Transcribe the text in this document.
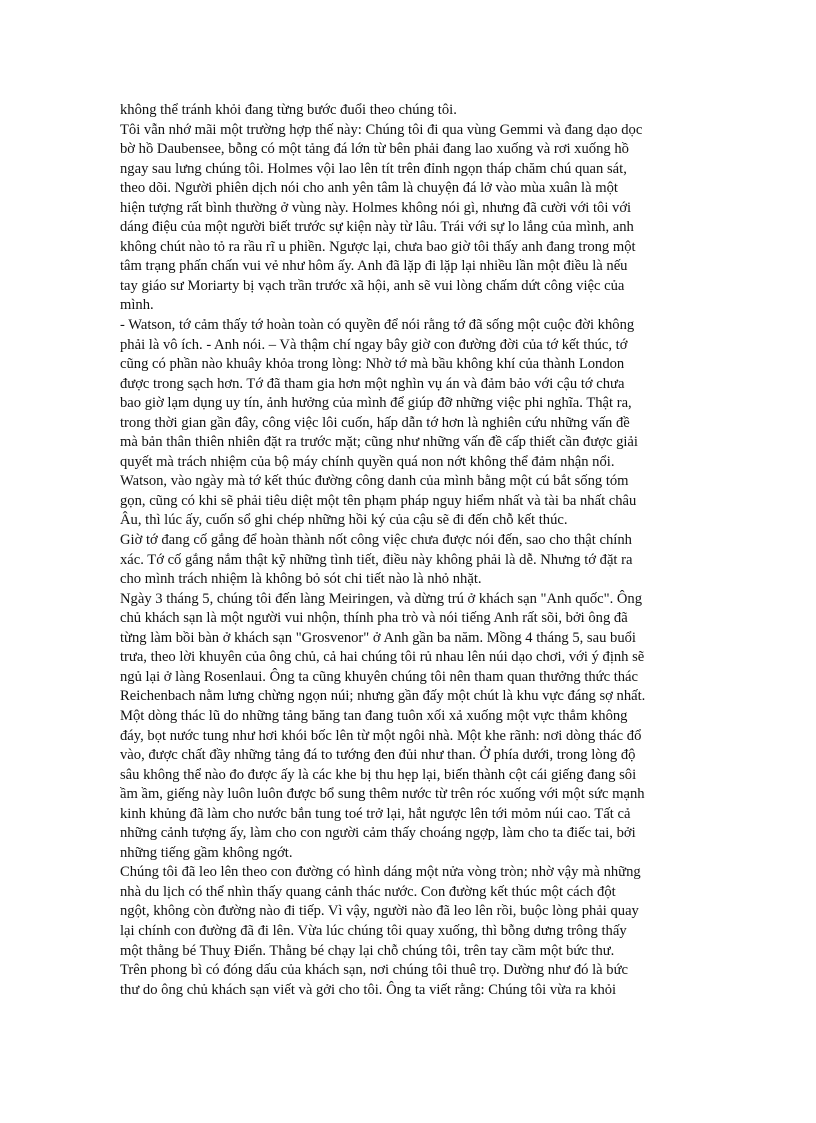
không thể tránh khỏi đang từng bước đuổi theo chúng tôi.
Tôi vẫn nhớ mãi một trường hợp thế này: Chúng tôi đi qua vùng Gemmi và đang dạo dọc
bờ hồ Daubensee, bỗng có một tảng đá lớn từ bên phải đang lao xuống và rơi xuống hồ
ngay sau lưng chúng tôi. Holmes vội lao lên tít trên đỉnh ngọn tháp chăm chú quan sát,
theo dõi. Người phiên dịch nói cho anh yên tâm là chuyện đá lở vào mùa xuân là một
hiện tượng rất bình thường ở vùng này. Holmes không nói gì, nhưng đã cười với tôi với
dáng điệu của một người biết trước sự kiện này từ lâu. Trái với sự lo lắng của mình, anh
không chút nào tỏ ra rầu rĩ u phiền. Ngược lại, chưa bao giờ tôi thấy anh đang trong một
tâm trạng phấn chấn vui vẻ như hôm ấy. Anh đã lặp đi lặp lại nhiều lần một điều là nếu
tay giáo sư Moriarty bị vạch trần trước xã hội, anh sẽ vui lòng chấm dứt công việc của
mình.
- Watson, tớ cảm thấy tớ hoàn toàn có quyền để nói rằng tớ đã sống một cuộc đời không
phải là vô ích. - Anh nói. – Và thậm chí ngay bây giờ con đường đời của tớ kết thúc, tớ
cũng có phần nào khuây khỏa trong lòng: Nhờ tớ mà bầu không khí của thành London
được trong sạch hơn. Tớ đã tham gia hơn một nghìn vụ án và đảm bảo với cậu tớ chưa
bao giờ lạm dụng uy tín, ảnh hưởng của mình để giúp đỡ những việc phi nghĩa. Thật ra,
trong thời gian gần đây, công việc lôi cuốn, hấp dẫn tớ hơn là nghiên cứu những vấn đề
mà bản thân thiên nhiên đặt ra trước mặt; cũng như những vấn đề cấp thiết cần được giải
quyết mà trách nhiệm của bộ máy chính quyền quá non nớt không thể đảm nhận nổi.
Watson, vào ngày mà tớ kết thúc đường công danh của mình bằng một cú bắt sống tóm
gọn, cũng có khi sẽ phải tiêu diệt một tên phạm pháp nguy hiểm nhất và tài ba nhất châu
Âu, thì lúc ấy, cuốn sổ ghi chép những hồi ký của cậu sẽ đi đến chỗ kết thúc.
Giờ tớ đang cố gắng để hoàn thành nốt công việc chưa được nói đến, sao cho thật chính
xác. Tớ cố gắng nắm thật kỹ những tình tiết, điều này không phải là dễ. Nhưng tớ đặt ra
cho mình trách nhiệm là không bỏ sót chi tiết nào là nhỏ nhặt.
Ngày 3 tháng 5, chúng tôi đến làng Meiringen, và dừng trú ở khách sạn "Anh quốc". Ông
chủ khách sạn là một người vui nhộn, thính pha trò và nói tiếng Anh rất sõi, bởi ông đã
từng làm bồi bàn ở khách sạn "Grosvenor" ở Anh gần ba năm. Mồng 4 tháng 5, sau buổi
trưa, theo lời khuyên của ông chủ, cả hai chúng tôi rủ nhau lên núi dạo chơi, với ý định sẽ
ngủ lại ở làng Rosenlaui. Ông ta cũng khuyên chúng tôi nên tham quan thưởng thức thác
Reichenbach nằm lưng chừng ngọn núi; nhưng gần đấy một chút là khu vực đáng sợ nhất.
Một dòng thác lũ do những tảng băng tan đang tuôn xối xả xuống một vực thẳm không
đáy, bọt nước tung như hơi khói bốc lên từ một ngôi nhà. Một khe rãnh: nơi dòng thác đổ
vào, được chất đầy những tảng đá to tướng đen đủi như than. Ở phía dưới, trong lòng độ
sâu không thể nào đo được ấy là các khe bị thu hẹp lại, biến thành cột cái giếng đang sôi
ầm ầm, giếng này luôn luôn được bổ sung thêm nước từ trên róc xuống với một sức mạnh
kinh khủng đã làm cho nước bắn tung toé trở lại, hắt ngược lên tới mỏm núi cao. Tất cả
những cảnh tượng ấy, làm cho con người cảm thấy choáng ngợp, làm cho ta điếc tai, bởi
những tiếng gầm không ngớt.
Chúng tôi đã leo lên theo con đường có hình dáng một nửa vòng tròn; nhờ vậy mà những
nhà du lịch có thể nhìn thấy quang cảnh thác nước. Con đường kết thúc một cách đột
ngột, không còn đường nào đi tiếp. Vì vậy, người nào đã leo lên rồi, buộc lòng phải quay
lại chính con đường đã đi lên. Vừa lúc chúng tôi quay xuống, thì bỗng dưng trông thấy
một thằng bé Thuỵ Điển. Thằng bé chạy lại chỗ chúng tôi, trên tay cầm một bức thư.
Trên phong bì có đóng dấu của khách sạn, nơi chúng tôi thuê trọ. Dường như đó là bức
thư do ông chủ khách sạn viết và gởi cho tôi. Ông ta viết rằng: Chúng tôi vừa ra khỏi
